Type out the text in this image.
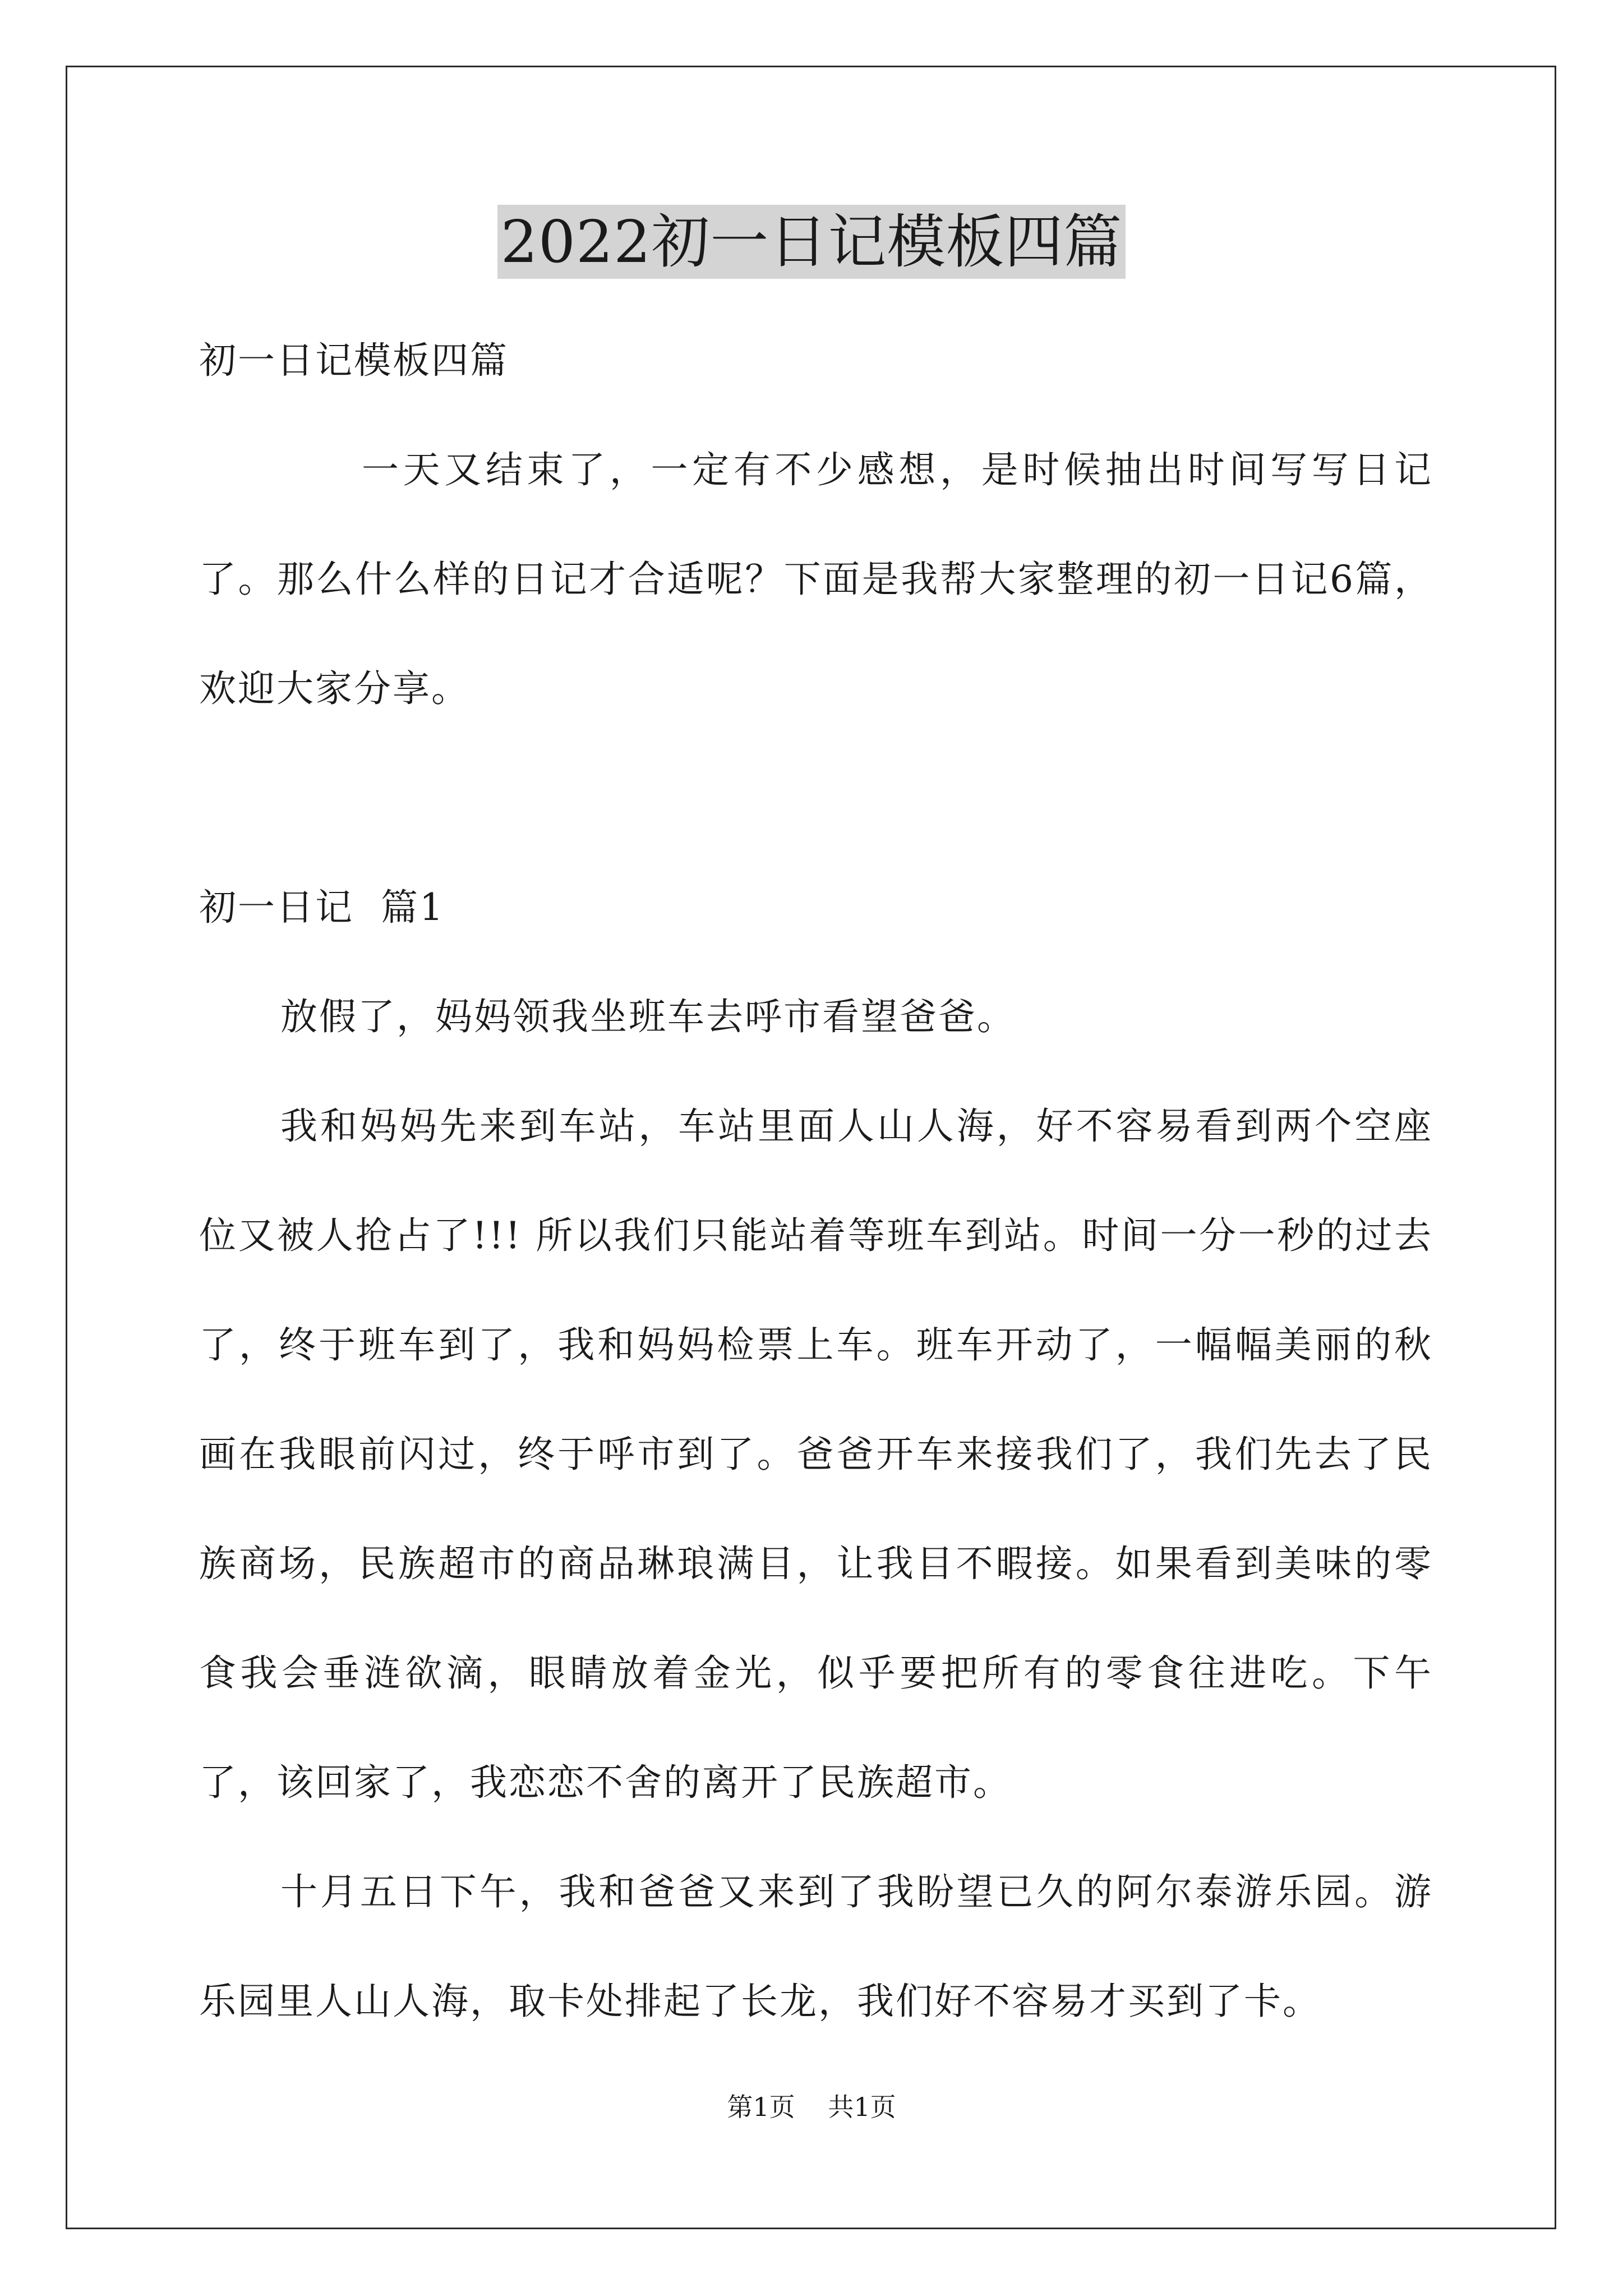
2022初一日记模板四篇

初一日记模板四篇

一天又结束了，一定有不少感想，是时候抽出时间写写日记了。那么什么样的日记才合适呢？下面是我帮大家整理的初一日记6篇，欢迎大家分享。

初一日记  篇1

放假了，妈妈领我坐班车去呼市看望爸爸。

我和妈妈先来到车站，车站里面人山人海，好不容易看到两个空座位又被人抢占了!!! 所以我们只能站着等班车到站。时间一分一秒的过去了，终于班车到了，我和妈妈检票上车。班车开动了，一幅幅美丽的秋画在我眼前闪过，终于呼市到了。爸爸开车来接我们了，我们先去了民族商场，民族超市的商品琳琅满目，让我目不暇接。如果看到美味的零食我会垂涟欲滴，眼睛放着金光，似乎要把所有的零食往进吃。下午了，该回家了，我恋恋不舍的离开了民族超市。

十月五日下午，我和爸爸又来到了我盼望已久的阿尔泰游乐园。游乐园里人山人海，取卡处排起了长龙，我们好不容易才买到了卡。

第1页 共1页
